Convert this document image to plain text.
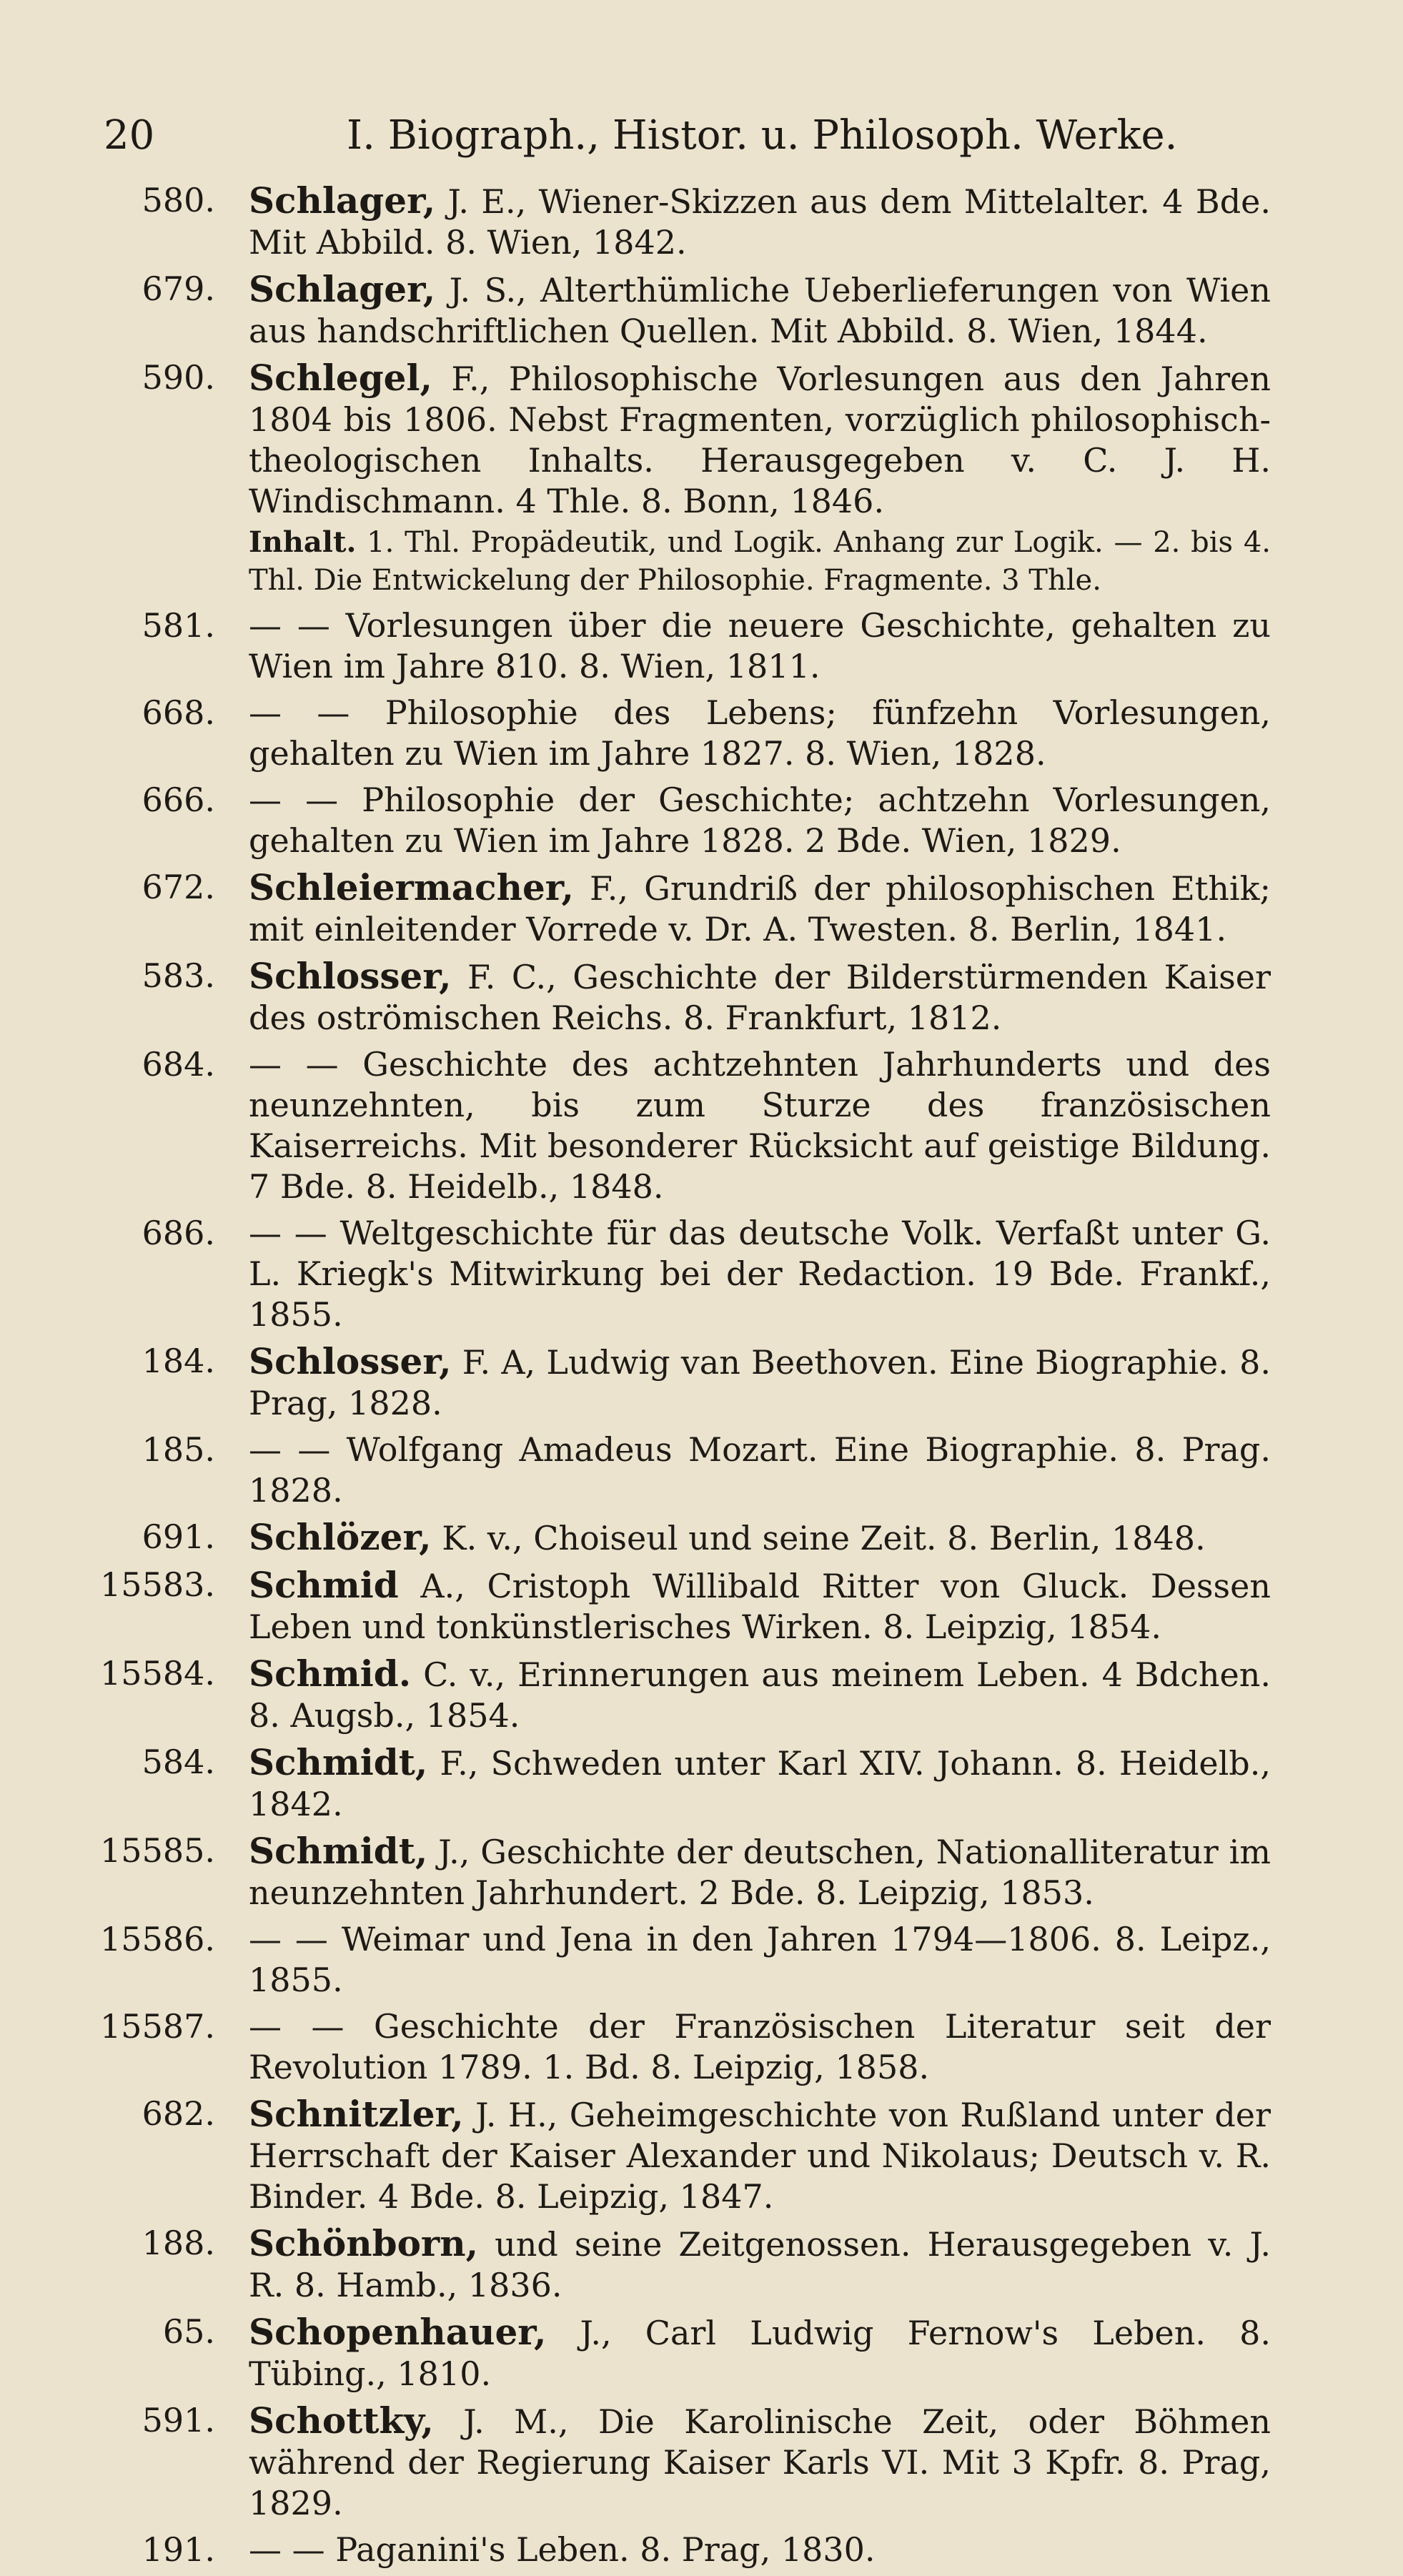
20	I. Biograph., Histor. u. Philosoph. Werke.
580. Schlager, J. E., Wiener-Skizzen aus dem Mittelalter. 4 Bde. Mit Abbild. 8. Wien, 1842.
679. Schlager, J. S., Alterthümliche Ueberlieferungen von Wien aus handschriftlichen Quellen. Mit Abbild. 8. Wien, 1844.
590. Schlegel, F., Philosophische Vorlesungen aus den Jahren 1804 bis 1806. Nebst Fragmenten, vorzüglich philosophisch-theologischen Inhalts. Herausgegeben v. C. J. H. Windischmann. 4 Thle. 8. Bonn, 1846.
Inhalt. 1. Thl. Propädeutik, und Logik. Anhang zur Logik. — 2. bis 4. Thl. Die Entwickelung der Philosophie. Fragmente. 3 Thle.
581. — — Vorlesungen über die neuere Geschichte, gehalten zu Wien im Jahre 810. 8. Wien, 1811.
668. — — Philosophie des Lebens; fünfzehn Vorlesungen, gehalten zu Wien im Jahre 1827. 8. Wien, 1828.
666. — — Philosophie der Geschichte; achtzehn Vorlesungen, gehalten zu Wien im Jahre 1828. 2 Bde. Wien, 1829.
672. Schleiermacher, F., Grundriß der philosophischen Ethik; mit einleitender Vorrede v. Dr. A. Twesten. 8. Berlin, 1841.
583. Schlosser, F. C., Geschichte der Bilderstürmenden Kaiser des oströmischen Reichs. 8. Frankfurt, 1812.
684. — — Geschichte des achtzehnten Jahrhunderts und des neunzehnten, bis zum Sturze des französischen Kaiserreichs. Mit besonderer Rücksicht auf geistige Bildung. 7 Bde. 8. Heidelb., 1848.
686. — — Weltgeschichte für das deutsche Volk. Verfaßt unter G. L. Kriegk's Mitwirkung bei der Redaction. 19 Bde. Frankf., 1855.
184. Schlosser, F. A, Ludwig van Beethoven. Eine Biographie. 8. Prag, 1828.
185. — — Wolfgang Amadeus Mozart. Eine Biographie. 8. Prag. 1828.
691. Schlözer, K. v., Choiseul und seine Zeit. 8. Berlin, 1848.
15583. Schmid A., Cristoph Willibald Ritter von Gluck. Dessen Leben und tonkünstlerisches Wirken. 8. Leipzig, 1854.
15584. Schmid. C. v., Erinnerungen aus meinem Leben. 4 Bdchen. 8. Augsb., 1854.
584. Schmidt, F., Schweden unter Karl XIV. Johann. 8. Heidelb., 1842.
15585. Schmidt, J., Geschichte der deutschen, Nationalliteratur im neunzehnten Jahrhundert. 2 Bde. 8. Leipzig, 1853.
15586. — — Weimar und Jena in den Jahren 1794—1806. 8. Leipz., 1855.
15587. — — Geschichte der Französischen Literatur seit der Revolution 1789. 1. Bd. 8. Leipzig, 1858.
682. Schnitzler, J. H., Geheimgeschichte von Rußland unter der Herrschaft der Kaiser Alexander und Nikolaus; Deutsch v. R. Binder. 4 Bde. 8. Leipzig, 1847.
188. Schönborn, und seine Zeitgenossen. Herausgegeben v. J. R. 8. Hamb., 1836.
65. Schopenhauer, J., Carl Ludwig Fernow's Leben. 8. Tübing., 1810.
591. Schottky, J. M., Die Karolinische Zeit, oder Böhmen während der Regierung Kaiser Karls VI. Mit 3 Kpfr. 8. Prag, 1829.
191. — — Paganini's Leben. 8. Prag, 1830.
